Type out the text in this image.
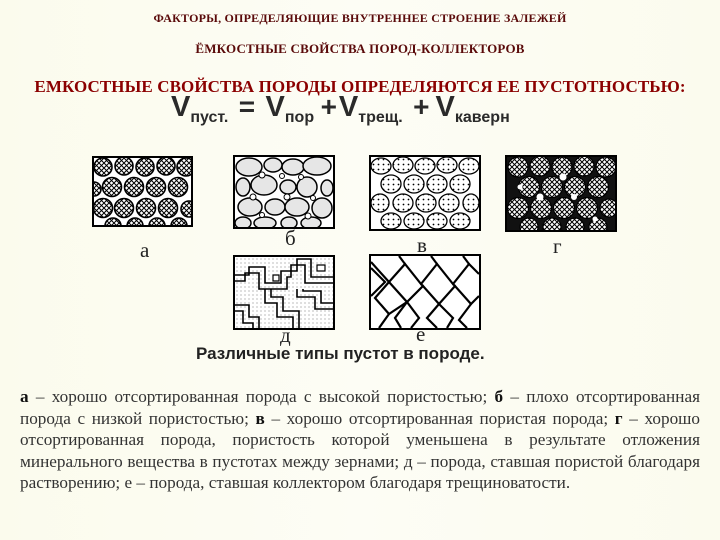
ФАКТОРЫ, ОПРЕДЕЛЯЮЩИЕ ВНУТРЕННЕЕ СТРОЕНИЕ ЗАЛЕЖЕЙ
ЁМКОСТНЫЕ СВОЙСТВА ПОРОД-КОЛЛЕКТОРОВ
ЕМКОСТНЫЕ СВОЙСТВА ПОРОДЫ ОПРЕДЕЛЯЮТСЯ ЕЕ ПУСТОТНОСТЬЮ:
Vпуст. = Vпор +Vтрещ. + Vкаверн
а	б	в	г
д	е
Различные типы пустот в породе.
а – хорошо отсортированная порода с высокой пористостью; б – плохо отсортированная порода с низкой пористостью; в – хорошо отсортированная пористая порода; г – хорошо отсортированная порода, пористость которой уменьшена в результате отложения минерального вещества в пустотах между зернами; д – порода, ставшая пористой благодаря растворению; е – порода, ставшая коллектором благодаря трещиноватости.
